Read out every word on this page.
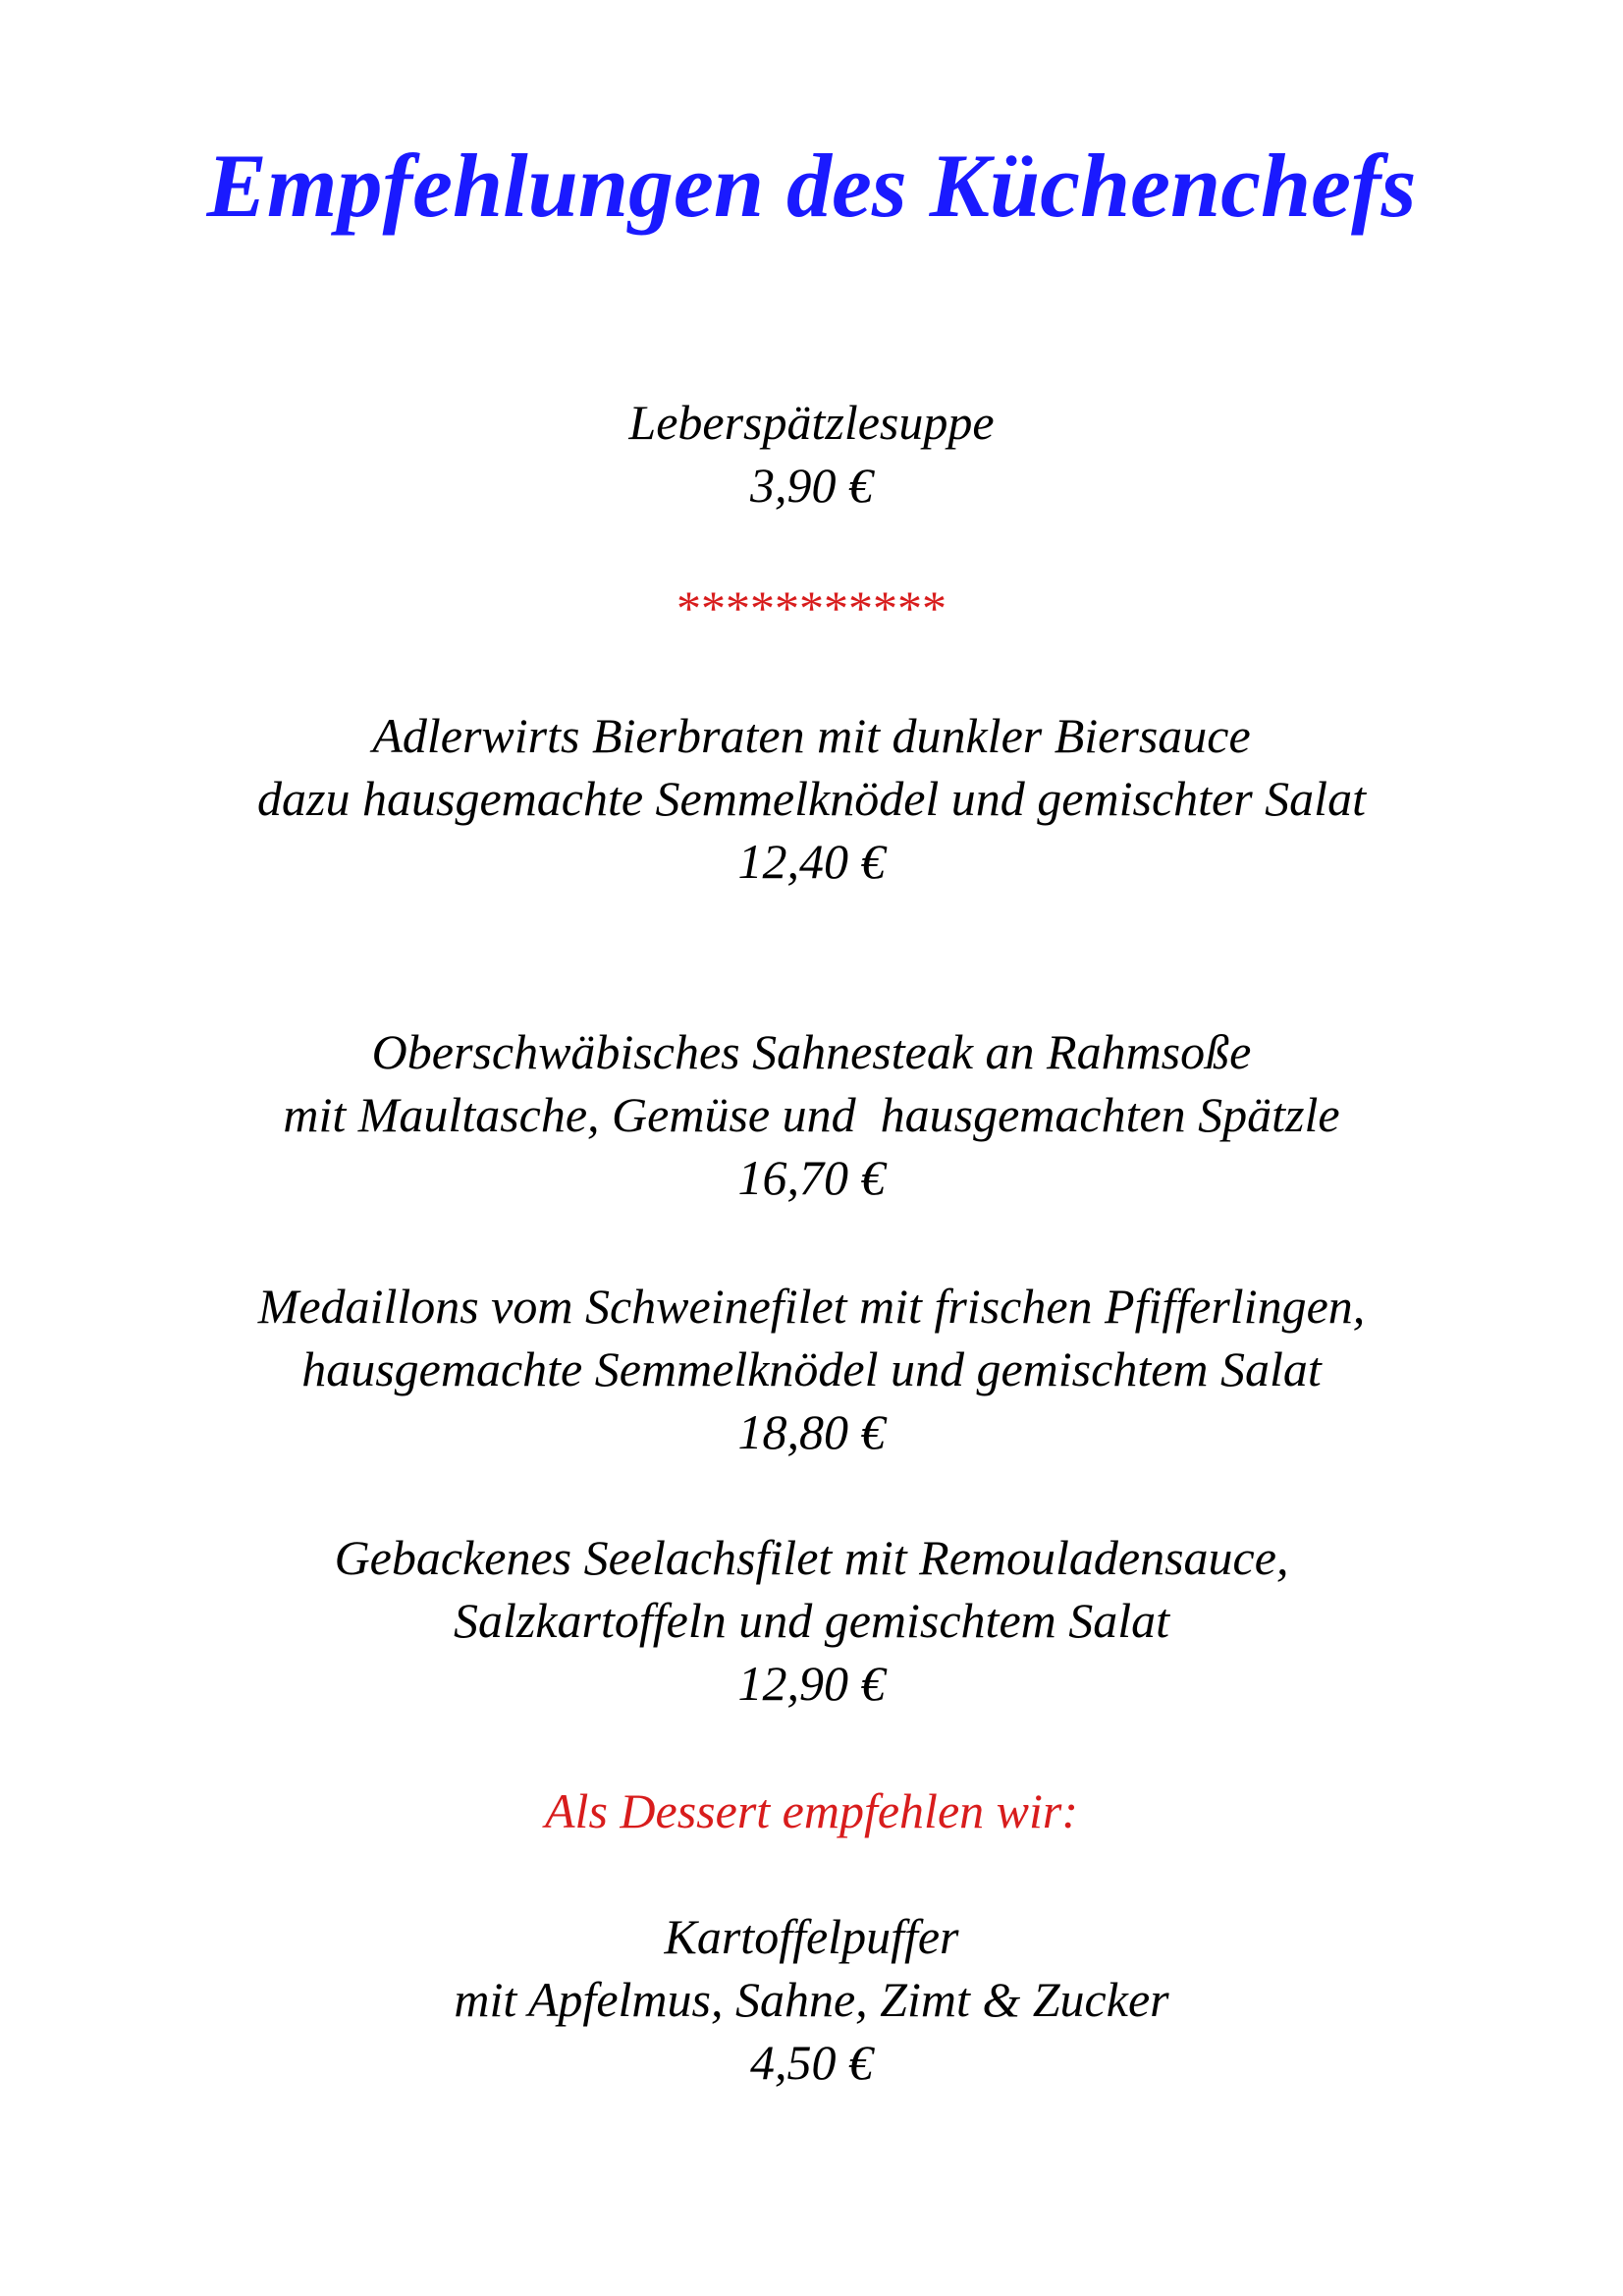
Empfehlungen des Küchenchefs
Leberspätzlesuppe
3,90 €
***********
Adlerwirts Bierbraten mit dunkler Biersauce
dazu hausgemachte Semmelknödel und gemischter Salat
12,40 €
Oberschwäbisches Sahnesteak an Rahmsoße
mit Maultasche, Gemüse und  hausgemachten Spätzle
16,70 €
Medaillons vom Schweinefilet mit frischen Pfifferlingen,
hausgemachte Semmelknödel und gemischtem Salat
18,80 €
Gebackenes Seelachsfilet mit Remouladensauce,
Salzkartoffeln und gemischtem Salat
12,90 €
Als Dessert empfehlen wir:
Kartoffelpuffer
mit Apfelmus, Sahne, Zimt & Zucker
4,50 €
